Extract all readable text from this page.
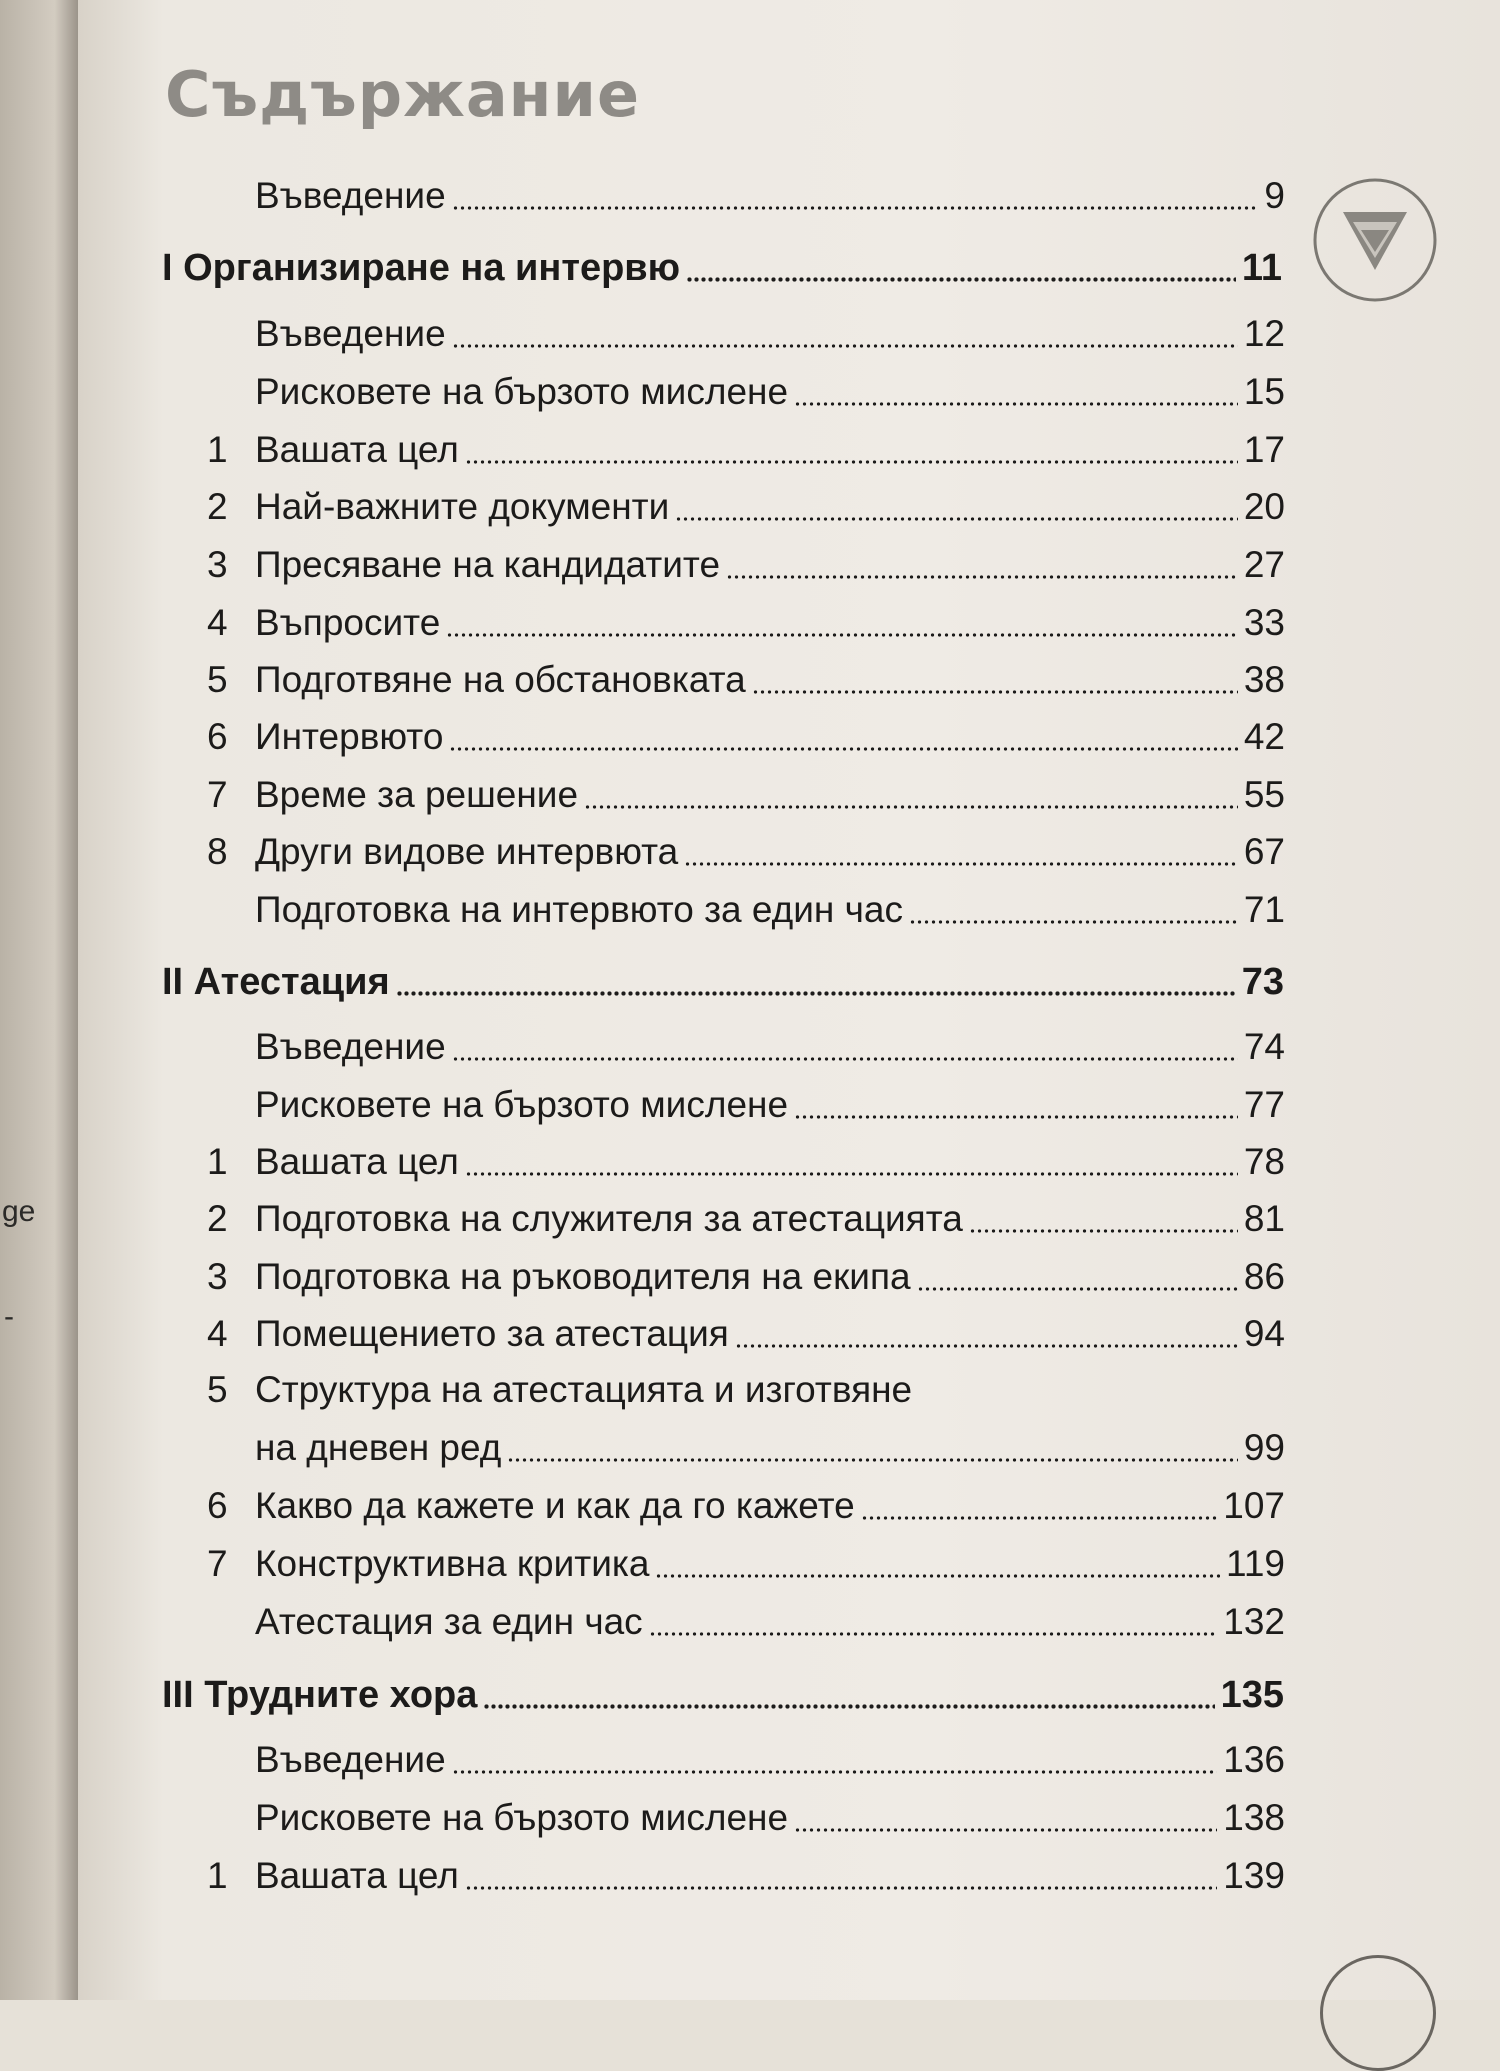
ge
-
Съдържание
Въведение	9
I Организиране на интервю	11
Въведение	12
Рисковете на бързото мислене	15
1 Вашата цел	17
2 Най-важните документи	20
3 Пресяване на кандидатите	27
4 Въпросите	33
5 Подготвяне на обстановката	38
6 Интервюто	42
7 Време за решение	55
8 Други видове интервюта	67
Подготовка на интервюто за един час	71
II Атестация	73
Въведение	74
Рисковете на бързото мислене	77
1 Вашата цел	78
2 Подготовка на служителя за атестацията	81
3 Подготовка на ръководителя на екипа	86
4 Помещението за атестация	94
5 Структура на атестацията и изготвяне
на дневен ред	99
6 Какво да кажете и как да го кажете	107
7 Конструктивна критика	119
Атестация за един час	132
III Трудните хора	135
Въведение	136
Рисковете на бързото мислене	138
1 Вашата цел	139
